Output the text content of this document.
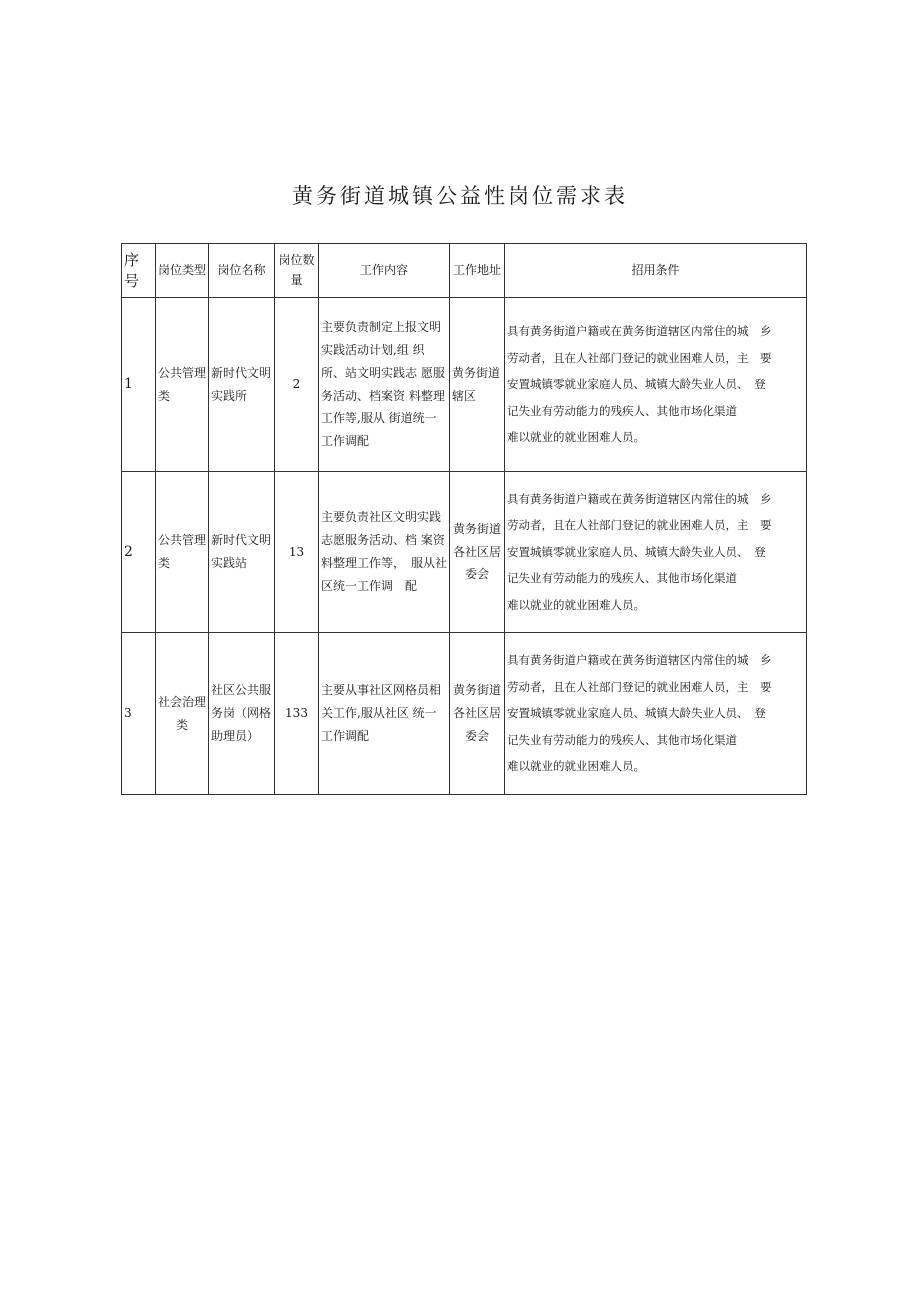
黄务街道城镇公益性岗位需求表
序号	岗位类型	岗位名称	岗位数量	工作内容	工作地址	招用条件
1	公共管理类	新时代文明实践所	2	主要负责制定上报文明实践活动计划,组 织所、站文明实践志 愿服务活动、档案资 料整理工作等,服从 街道统一工作调配	黄务街道辖区	具有黄务街道户籍或在黄务街道辖区内常住的城　乡
劳动者，且在人社部门登记的就业困难人员，主　要
安置城镇零就业家庭人员、城镇大龄失业人员、　登
记失业有劳动能力的残疾人、其他市场化渠道
难以就业的就业困难人员。

2	公共管理类	新时代文明实践站	13	主要负责社区文明实践志愿服务活动、档 案资料整理工作等，　服从社区统一工作调　配	黄务街道各社区居委会	具有黄务街道户籍或在黄务街道辖区内常住的城　乡
劳动者，且在人社部门登记的就业困难人员，主　要
安置城镇零就业家庭人员、城镇大龄失业人员、　登
记失业有劳动能力的残疾人、其他市场化渠道
难以就业的就业困难人员。

3	社会治理类	社区公共服务岗（网格助理员）	133	主要从事社区网格员相关工作,服从社区 统一工作调配	黄务街道各社区居委会	具有黄务街道户籍或在黄务街道辖区内常住的城　乡
劳动者，且在人社部门登记的就业困难人员，主　要
安置城镇零就业家庭人员、城镇大龄失业人员、　登
记失业有劳动能力的残疾人、其他市场化渠道
难以就业的就业困难人员。
